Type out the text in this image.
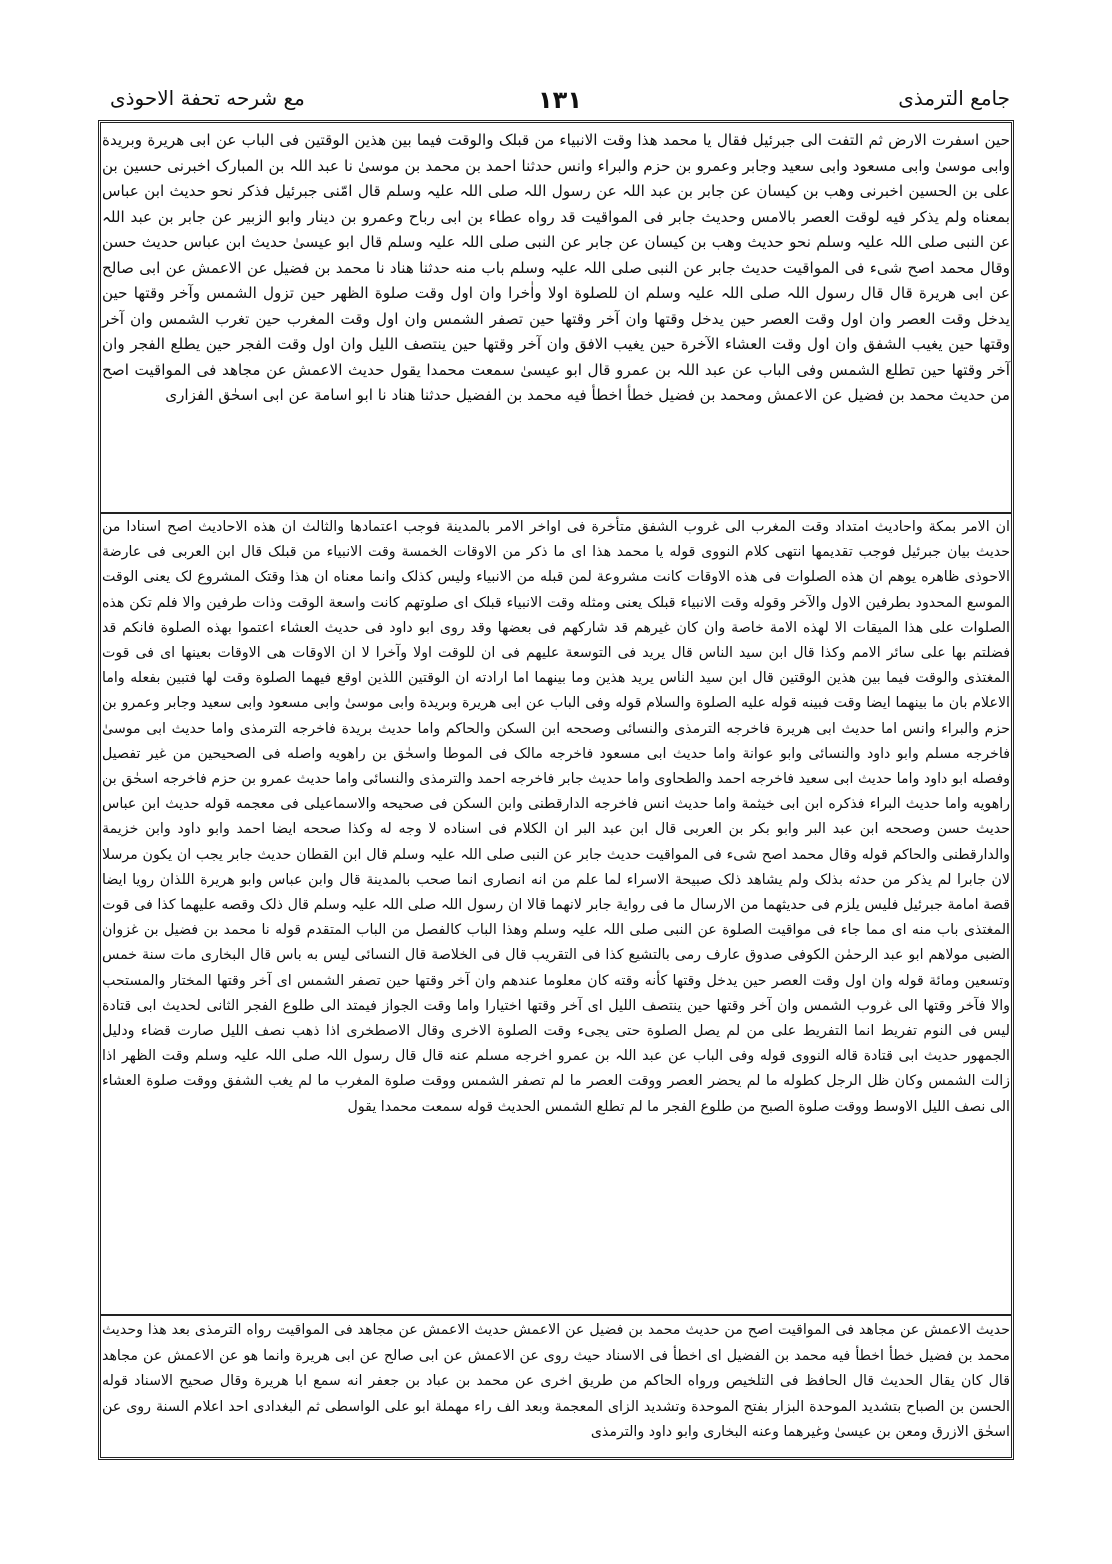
جامع الترمذی
۱۳۱
مع شرحه تحفة الاحوذی

حین اسفرت الارض ثم التفت الی جبرئیل فقال یا محمد هذا وقت الانبیاء من قبلک والوقت فیما بین هذین الوقتین فی الباب عن ابی هریرة وبریدة وابی موسیٰ وابی مسعود وابی سعید وجابر وعمرو بن حزم والبراء وانس حدثنا احمد بن محمد بن موسیٰ نا عبد اللہ بن المبارک اخبرنی حسین بن علی بن الحسین اخبرنی وهب بن کیسان عن جابر بن عبد اللہ عن رسول اللہ صلی اللہ علیہ وسلم قال امّنی جبرئیل فذکر نحو حدیث ابن عباس بمعناه ولم یذکر فیه لوقت العصر بالامس وحدیث جابر فی المواقیت قد رواه عطاء بن ابی رباح وعمرو بن دینار وابو الزبیر عن جابر بن عبد اللہ عن النبی صلی اللہ علیہ وسلم نحو حدیث وهب بن کیسان عن جابر عن النبی صلی اللہ علیہ وسلم قال ابو عیسیٰ حدیث ابن عباس حدیث حسن وقال محمد اصح شیء فی المواقیت حدیث جابر عن النبی صلی اللہ علیہ وسلم باب منه حدثنا هناد نا محمد بن فضیل عن الاعمش عن ابی صالح عن ابی هریرة قال قال رسول اللہ صلی اللہ علیہ وسلم ان للصلوة اولا واٰخرا وان اول وقت صلوة الظهر حین تزول الشمس وآخر وقتها حین یدخل وقت العصر وان اول وقت العصر حین یدخل وقتها وان آخر وقتها حین تصفر الشمس وان اول وقت المغرب حین تغرب الشمس وان آخر وقتها حین یغیب الشفق وان اول وقت العشاء الآخرة حین یغیب الافق وان آخر وقتها حین ینتصف اللیل وان اول وقت الفجر حین یطلع الفجر وان آخر وقتها حین تطلع الشمس وفی الباب عن عبد اللہ بن عمرو قال ابو عیسیٰ سمعت محمدا یقول حدیث الاعمش عن مجاهد فی المواقیت اصح من حدیث محمد بن فضیل عن الاعمش ومحمد بن فضیل خطأ اخطأ فیه محمد بن الفضیل حدثنا هناد نا ابو اسامة عن ابی اسحٰق الفزاری

ان الامر بمکة واحادیث امتداد وقت المغرب الی غروب الشفق متأخرة فی اواخر الامر بالمدینة فوجب اعتمادها والثالث ان هذه الاحادیث اصح اسنادا من حدیث بیان جبرئیل فوجب تقدیمها انتهی کلام النووی قوله یا محمد هذا ای ما ذکر من الاوقات الخمسة وقت الانبیاء من قبلک قال ابن العربی فی عارضة الاحوذی ظاهره یوهم ان هذه الصلوات فی هذه الاوقات کانت مشروعة لمن قبله من الانبیاء ولیس کذلک وانما معناه ان هذا وقتک المشروع لک یعنی الوقت الموسع المحدود بطرفین الاول والآخر وقوله وقت الانبیاء قبلک یعنی ومثله وقت الانبیاء قبلک ای صلوتهم کانت واسعة الوقت وذات طرفین والا فلم تکن هذه الصلوات علی هذا المیقات الا لهذه الامة خاصة وان کان غیرهم قد شارکهم فی بعضها وقد روی ابو داود فی حدیث العشاء اعتموا بهذه الصلوة فانکم قد فضلتم بها علی سائر الامم وکذا قال ابن سید الناس قال یرید فی التوسعة علیهم فی ان للوقت اولا وآخرا لا ان الاوقات هی الاوقات بعینها ای فی قوت المغتذی والوقت فیما بین هذین الوقتین قال ابن سید الناس یرید هذین وما بینهما اما ارادته ان الوقتین اللذین اوقع فیهما الصلوة وقت لها فتبین بفعله واما الاعلام بان ما بینهما ایضا وقت فبینه قوله علیه الصلوة والسلام قوله وفی الباب عن ابی هریرة وبریدة وابی موسیٰ وابی مسعود وابی سعید وجابر وعمرو بن حزم والبراء وانس اما حدیث ابی هریرة فاخرجه الترمذی والنسائی وصححه ابن السکن والحاکم واما حدیث بریدة فاخرجه الترمذی واما حدیث ابی موسیٰ فاخرجه مسلم وابو داود والنسائی وابو عوانة واما حدیث ابی مسعود فاخرجه مالک فی الموطا واسحٰق بن راهویه واصله فی الصحیحین من غیر تفصیل وفصله ابو داود واما حدیث ابی سعید فاخرجه احمد والطحاوی واما حدیث جابر فاخرجه احمد والترمذی والنسائی واما حدیث عمرو بن حزم فاخرجه اسحٰق بن راهویه واما حدیث البراء فذکره ابن ابی خیثمة واما حدیث انس فاخرجه الدارقطنی وابن السکن فی صحیحه والاسماعیلی فی معجمه قوله حدیث ابن عباس حدیث حسن وصححه ابن عبد البر وابو بکر بن العربی قال ابن عبد البر ان الکلام فی اسناده لا وجه له وکذا صححه ایضا احمد وابو داود وابن خزیمة والدارقطنی والحاکم قوله وقال محمد اصح شیء فی المواقیت حدیث جابر عن النبی صلی اللہ علیہ وسلم قال ابن القطان حدیث جابر یجب ان یکون مرسلا لان جابرا لم یذکر من حدثه بذلک ولم یشاهد ذلک صبیحة الاسراء لما علم من انه انصاری انما صحب بالمدینة قال وابن عباس وابو هریرة اللذان رویا ایضا قصة امامة جبرئیل فلیس یلزم فی حدیثهما من الارسال ما فی روایة جابر لانهما قالا ان رسول اللہ صلی اللہ علیہ وسلم قال ذلک وقصه علیهما کذا فی قوت المغتذی باب منه ای مما جاء فی مواقیت الصلوة عن النبی صلی اللہ علیہ وسلم وهذا الباب کالفصل من الباب المتقدم قوله نا محمد بن فضیل بن غزوان الضبی مولاهم ابو عبد الرحمٰن الکوفی صدوق عارف رمی بالتشیع کذا فی التقریب قال فی الخلاصة قال النسائی لیس به باس قال البخاری مات سنة خمس وتسعین ومائة قوله وان اول وقت العصر حین یدخل وقتها کأنه وقته کان معلوما عندهم وان آخر وقتها حین تصفر الشمس ای آخر وقتها المختار والمستحب والا فآخر وقتها الی غروب الشمس وان آخر وقتها حین ینتصف اللیل ای آخر وقتها اختیارا واما وقت الجواز فیمتد الی طلوع الفجر الثانی لحدیث ابی قتادة لیس فی النوم تفریط انما التفریط علی من لم یصل الصلوة حتی یجیء وقت الصلوة الاخری وقال الاصطخری اذا ذهب نصف اللیل صارت قضاء ودلیل الجمهور حدیث ابی قتادة قاله النووی قوله وفی الباب عن عبد اللہ بن عمرو اخرجه مسلم عنه قال قال رسول اللہ صلی اللہ علیہ وسلم وقت الظهر اذا زالت الشمس وکان ظل الرجل کطوله ما لم یحضر العصر ووقت العصر ما لم تصفر الشمس ووقت صلوة المغرب ما لم یغب الشفق ووقت صلوة العشاء الی نصف اللیل الاوسط ووقت صلوة الصبح من طلوع الفجر ما لم تطلع الشمس الحدیث قوله سمعت محمدا یقول

حدیث الاعمش عن مجاهد فی المواقیت اصح من حدیث محمد بن فضیل عن الاعمش حدیث الاعمش عن مجاهد فی المواقیت رواه الترمذی بعد هذا وحدیث محمد بن فضیل خطأ اخطأ فیه محمد بن الفضیل ای اخطأ فی الاسناد حیث روی عن الاعمش عن ابی صالح عن ابی هریرة وانما هو عن الاعمش عن مجاهد قال کان یقال الحدیث قال الحافظ فی التلخیص ورواه الحاکم من طریق اخری عن محمد بن عباد بن جعفر انه سمع ابا هریرة وقال صحیح الاسناد قوله الحسن بن الصباح بتشدید الموحدة البزار بفتح الموحدة وتشدید الزای المعجمة وبعد الف راء مهملة ابو علی الواسطی ثم البغدادی احد اعلام السنة روی عن اسحٰق الازرق ومعن بن عیسیٰ وغیرهما وعنه البخاری وابو داود والترمذی
